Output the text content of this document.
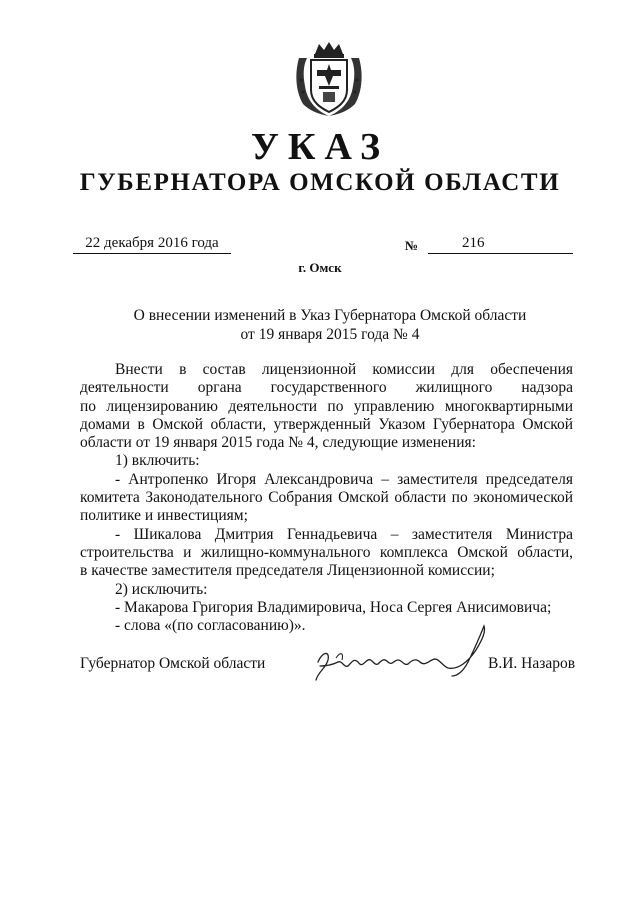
УКАЗ
ГУБЕРНАТОРА ОМСКОЙ ОБЛАСТИ
22 декабря 2016 года	№	216
г. Омск
О внесении изменений в Указ Губернатора Омской области
от 19 января 2015 года № 4
Внести в состав лицензионной комиссии для обеспечения
деятельности органа государственного жилищного надзора
по лицензированию деятельности по управлению многоквартирными
домами в Омской области, утвержденный Указом Губернатора Омской
области от 19 января 2015 года № 4, следующие изменения:
1) включить:
- Антропенко Игоря Александровича – заместителя председателя
комитета Законодательного Собрания Омской области по экономической
политике и инвестициям;
- Шикалова Дмитрия Геннадьевича – заместителя Министра
строительства и жилищно-коммунального комплекса Омской области,
в качестве заместителя председателя Лицензионной комиссии;
2) исключить:
- Макарова Григория Владимировича, Носа Сергея Анисимовича;
- слова «(по согласованию)».
Губернатор Омской области	В.И. Назаров
